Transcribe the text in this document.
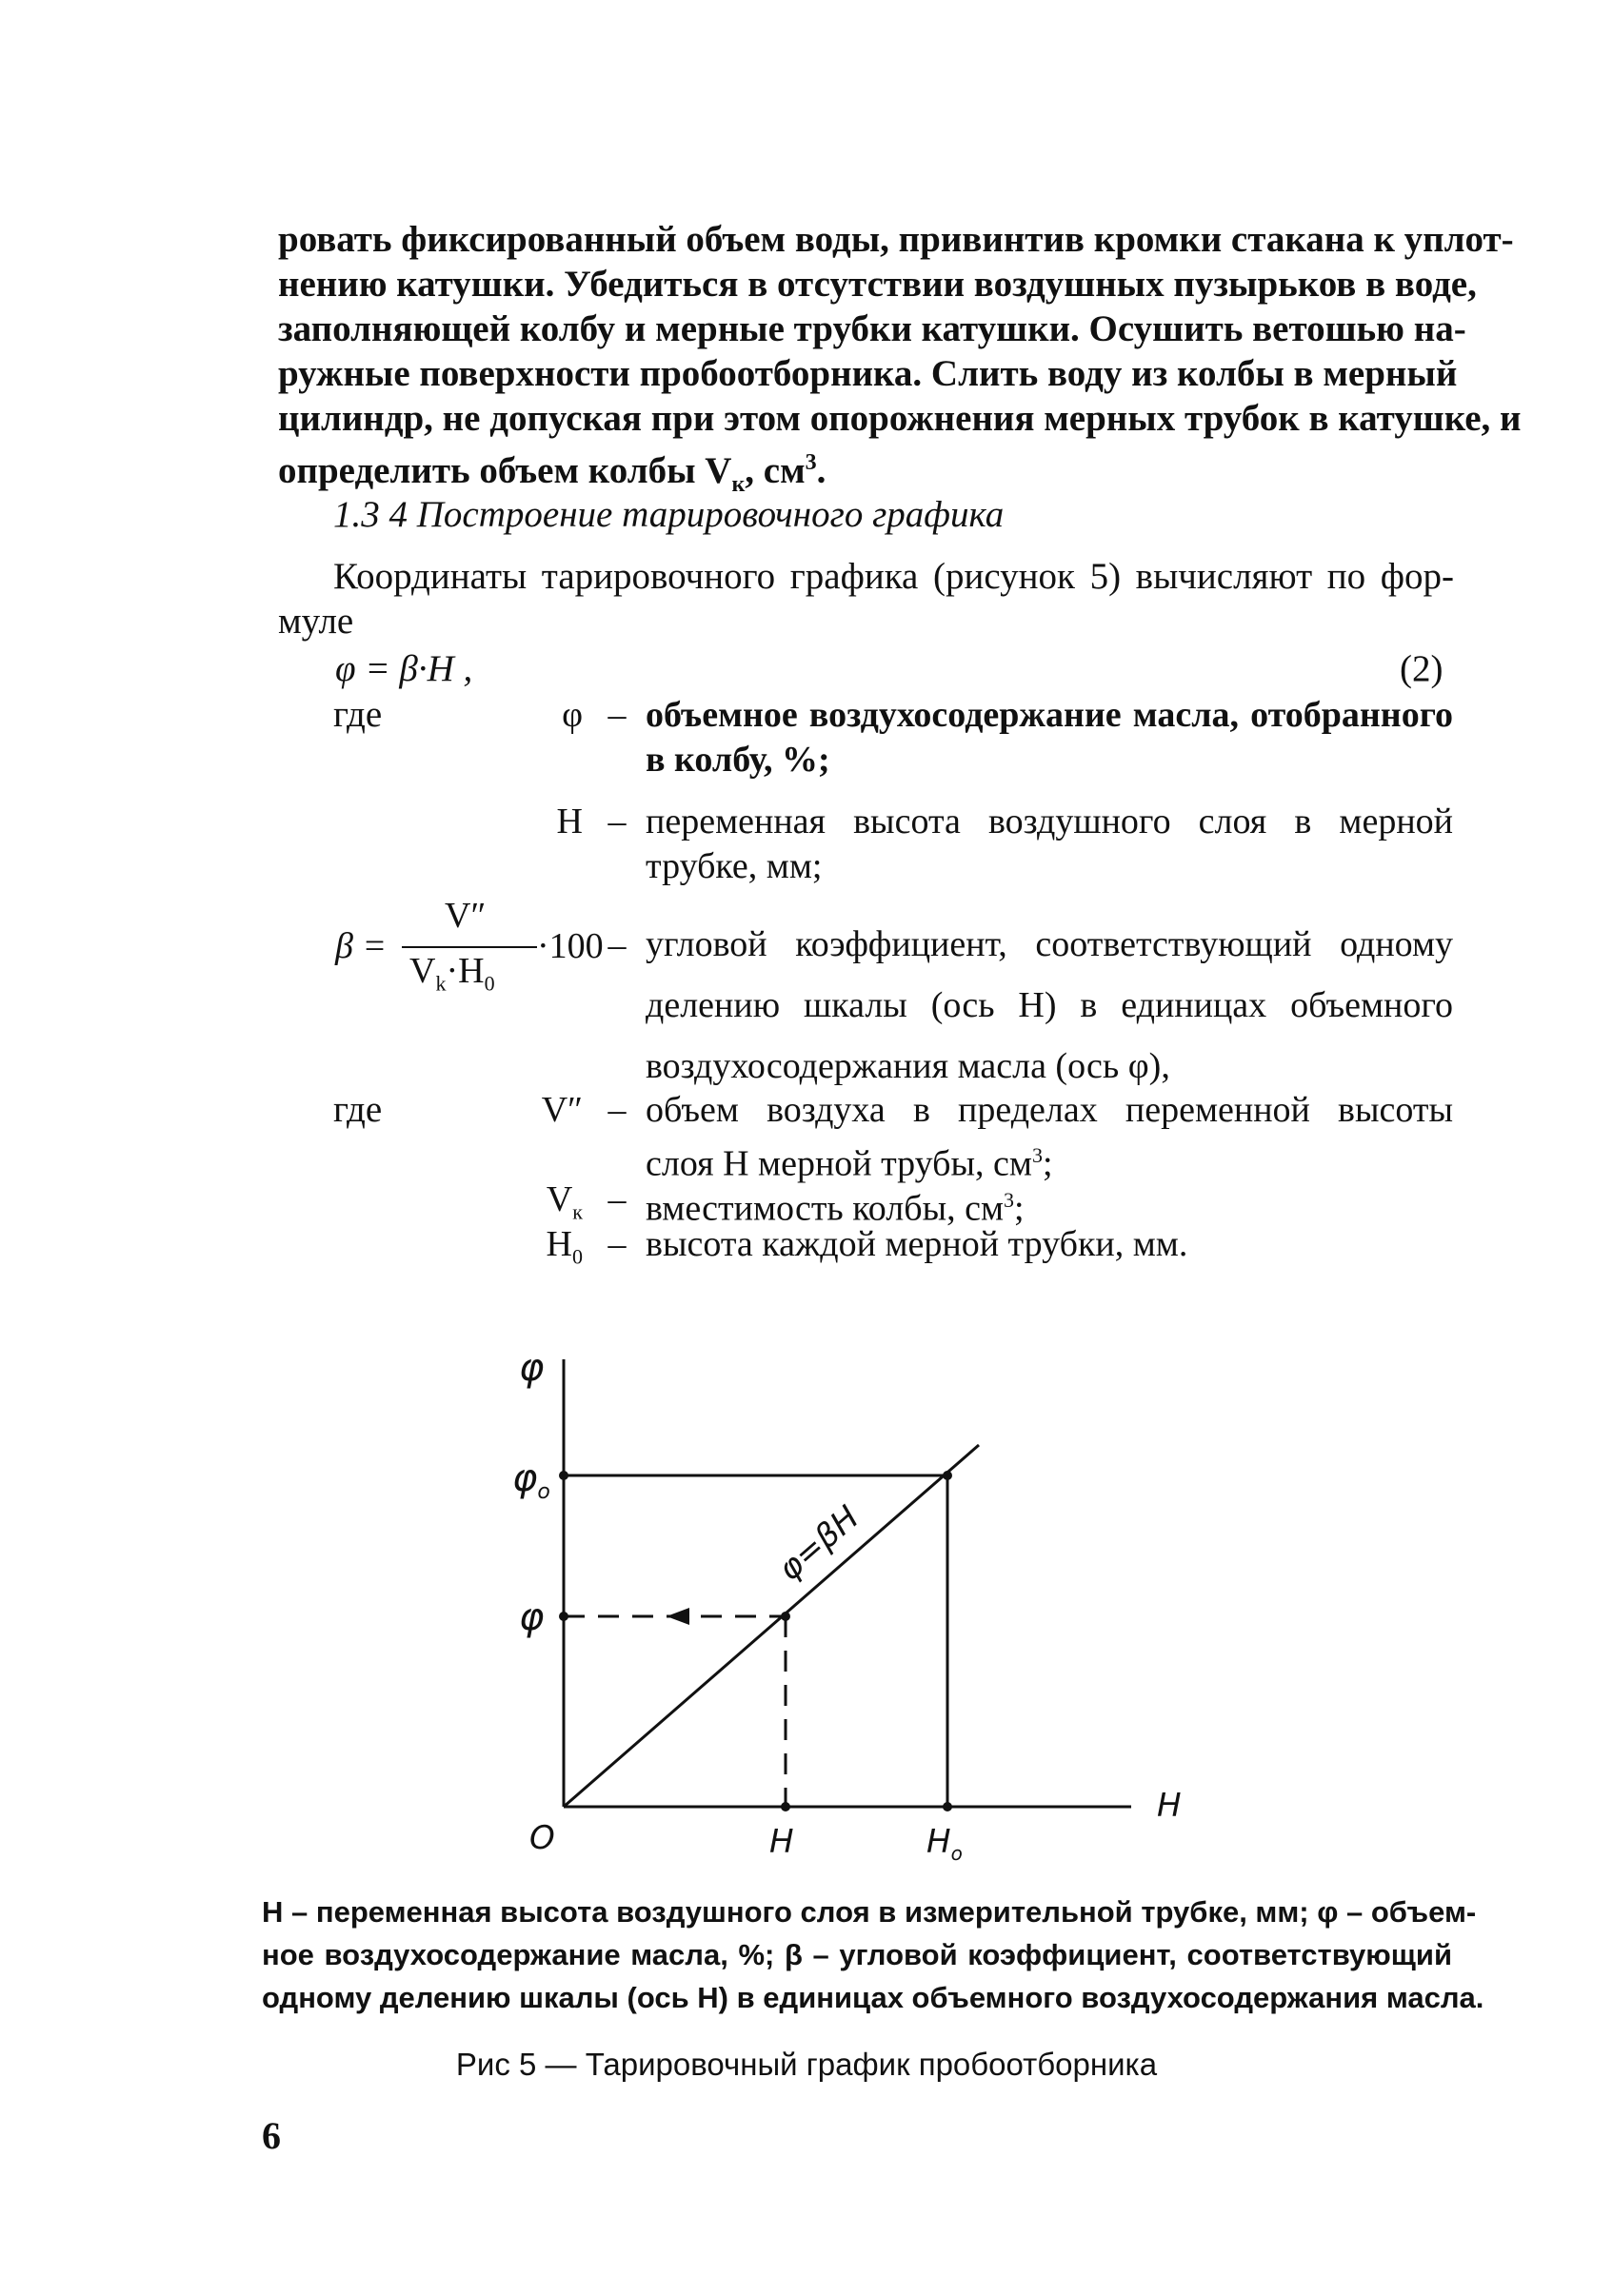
ровать фиксированный объем воды, привинтив кромки стакана к уплот-
нению катушки. Убедиться в отсутствии воздушных пузырьков в воде,
заполняющей колбу и мерные трубки катушки. Осушить ветошью на-
ружные поверхности пробоотборника. Слить воду из колбы в мерный
цилиндр, не допуская при этом опорожнения мерных трубок в катушке, и
определить объем колбы $V_к$, $см^3$.
1.3 4 Построение тарировочного графика
Координаты тарировочного графика (рисунок 5) вычисляют по фор-
муле
φ = β·H ,	(2)
где	φ – объемное воздухосодержание масла, отобранного
в колбу, %;
H – переменная высота воздушного слоя в мерной
трубке, мм;
β =
V″
$V_k\cdot H_0$
·100 – угловой коэффициент, соответствующий одному
делению шкалы (ось H) в единицах объемного
воздухосодержания масла (ось φ),
где	V″ – объем воздуха в пределах переменной высоты
слоя H мерной трубы, $см^3$;
$V_к$ – вместимость колбы, $см^3$;
$H_0$ – высота каждой мерной трубки, мм.
φ
$\varphi_o$
φ
O	H	$H_o$
H
φ=βH
H – переменная высота воздушного слоя в измерительной трубке, мм; φ – объем-
ное воздухосодержание масла, %; β – угловой коэффициент, соответствующий
одному делению шкалы (ось H) в единицах объемного воздухосодержания масла.
Рис 5 — Тарировочный график пробоотборника
6
